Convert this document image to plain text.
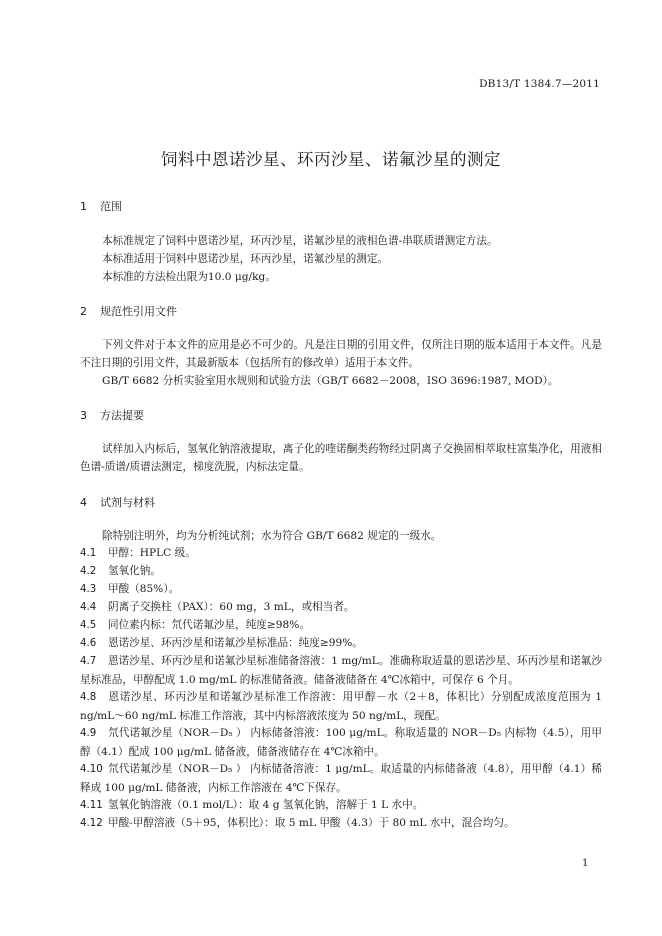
DB13/T 1384.7—2011
饲料中恩诺沙星、环丙沙星、诺氟沙星的测定
1 范围
本标准规定了饲料中恩诺沙星，环丙沙星，诺氟沙星的液相色谱-串联质谱测定方法。
本标准适用于饲料中恩诺沙星，环丙沙星，诺氟沙星的测定。
本标准的方法检出限为10.0 μg/kg。
2 规范性引用文件
下列文件对于本文件的应用是必不可少的。凡是注日期的引用文件，仅所注日期的版本适用于本文件。凡是不注日期的引用文件，其最新版本（包括所有的修改单）适用于本文件。
GB/T 6682 分析实验室用水规则和试验方法（GB/T 6682－2008，ISO 3696:1987, MOD）。
3 方法提要
试样加入内标后，氢氧化钠溶液提取，离子化的喹诺酮类药物经过阴离子交换固相萃取柱富集净化，用液相色谱-质谱/质谱法测定，梯度洗脱，内标法定量。
4 试剂与材料
除特别注明外，均为分析纯试剂；水为符合 GB/T 6682 规定的一级水。
4.1 甲醇：HPLC 级。
4.2 氢氧化钠。
4.3 甲酸（85%）。
4.4 阴离子交换柱（PAX）：60 mg，3 mL，或相当者。
4.5 同位素内标：氘代诺氟沙星，纯度≥98%。
4.6 恩诺沙星、环丙沙星和诺氟沙星标准品：纯度≥99%。
4.7 恩诺沙星、环丙沙星和诺氟沙星标准储备溶液：1 mg/mL。准确称取适量的恩诺沙星、环丙沙星和诺氟沙星标准品，甲醇配成 1.0 mg/mL 的标准储备液。储备液储备在 4℃冰箱中，可保存 6 个月。
4.8 恩诺沙星、环丙沙星和诺氟沙星标准工作溶液：用甲醇－水（2＋8，体积比）分别配成浓度范围为 1 ng/mL～60 ng/mL 标准工作溶液，其中内标溶液浓度为 50 ng/mL，现配。
4.9 氘代诺氟沙星（NOR－D₅ ） 内标储备溶液：100 μg/mL。称取适量的 NOR－D₅ 内标物（4.5），用甲醇（4.1）配成 100 μg/mL 储备液，储备液储存在 4℃冰箱中。
4.10 氘代诺氟沙星（NOR－D₅ ） 内标储备溶液：1 μg/mL。取适量的内标储备液（4.8），用甲醇（4.1）稀释成 100 μg/mL 储备液，内标工作溶液在 4℃下保存。
4.11 氢氧化钠溶液（0.1 mol/L）：取 4 g 氢氧化钠，溶解于 1 L 水中。
4.12 甲酸-甲醇溶液（5＋95，体积比）：取 5 mL 甲酸（4.3）于 80 mL 水中，混合均匀。
1
